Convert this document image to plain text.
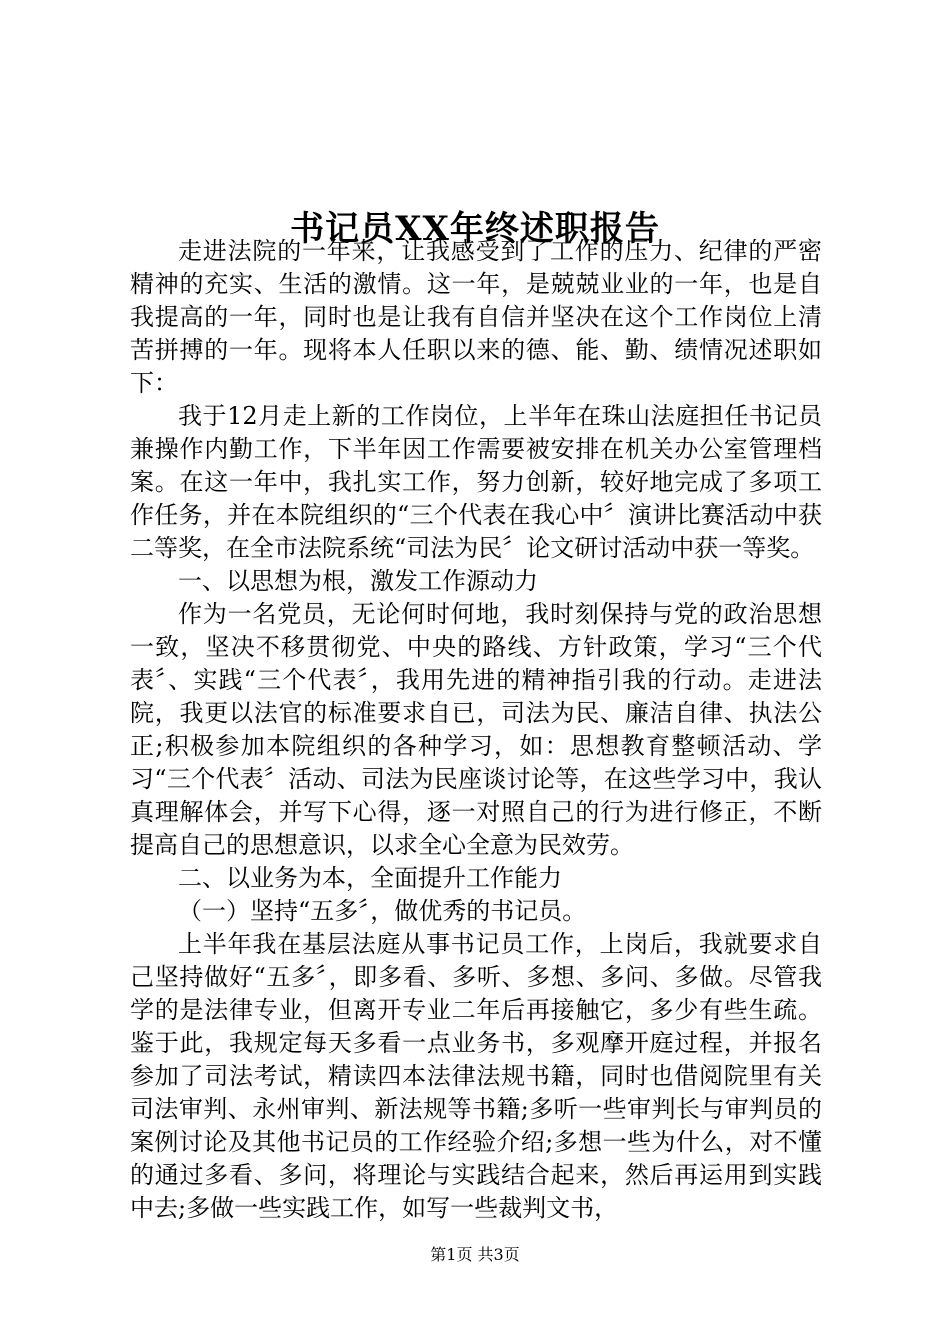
书记员XX年终述职报告

走进法院的一年来，让我感受到了工作的压力、纪律的严密精神的充实、生活的激情。这一年，是兢兢业业的一年，也是自我提高的一年，同时也是让我有自信并坚决在这个工作岗位上清苦拼搏的一年。现将本人任职以来的德、能、勤、绩情况述职如下：

我于12月走上新的工作岗位，上半年在珠山法庭担任书记员兼操作内勤工作，下半年因工作需要被安排在机关办公室管理档案。在这一年中，我扎实工作，努力创新，较好地完成了多项工作任务，并在本院组织的“三个代表在我心中〞演讲比赛活动中获二等奖，在全市法院系统“司法为民〞论文研讨活动中获一等奖。

一、以思想为根，激发工作源动力

作为一名党员，无论何时何地，我时刻保持与党的政治思想一致，坚决不移贯彻党、中央的路线、方针政策，学习“三个代表〞、实践“三个代表〞，我用先进的精神指引我的行动。走进法院，我更以法官的标准要求自已，司法为民、廉洁自律、执法公正;积极参加本院组织的各种学习，如：思想教育整顿活动、学习“三个代表〞活动、司法为民座谈讨论等，在这些学习中，我认真理解体会，并写下心得，逐一对照自己的行为进行修正，不断提高自己的思想意识，以求全心全意为民效劳。

二、以业务为本，全面提升工作能力

（一）坚持“五多〞，做优秀的书记员。

上半年我在基层法庭从事书记员工作，上岗后，我就要求自己坚持做好“五多〞，即多看、多听、多想、多问、多做。尽管我学的是法律专业，但离开专业二年后再接触它，多少有些生疏。鉴于此，我规定每天多看一点业务书，多观摩开庭过程，并报名参加了司法考试，精读四本法律法规书籍，同时也借阅院里有关司法审判、永州审判、新法规等书籍;多听一些审判长与审判员的案例讨论及其他书记员的工作经验介绍;多想一些为什么，对不懂的通过多看、多问，将理论与实践结合起来，然后再运用到实践中去;多做一些实践工作，如写一些裁判文书，

第1页 共3页
